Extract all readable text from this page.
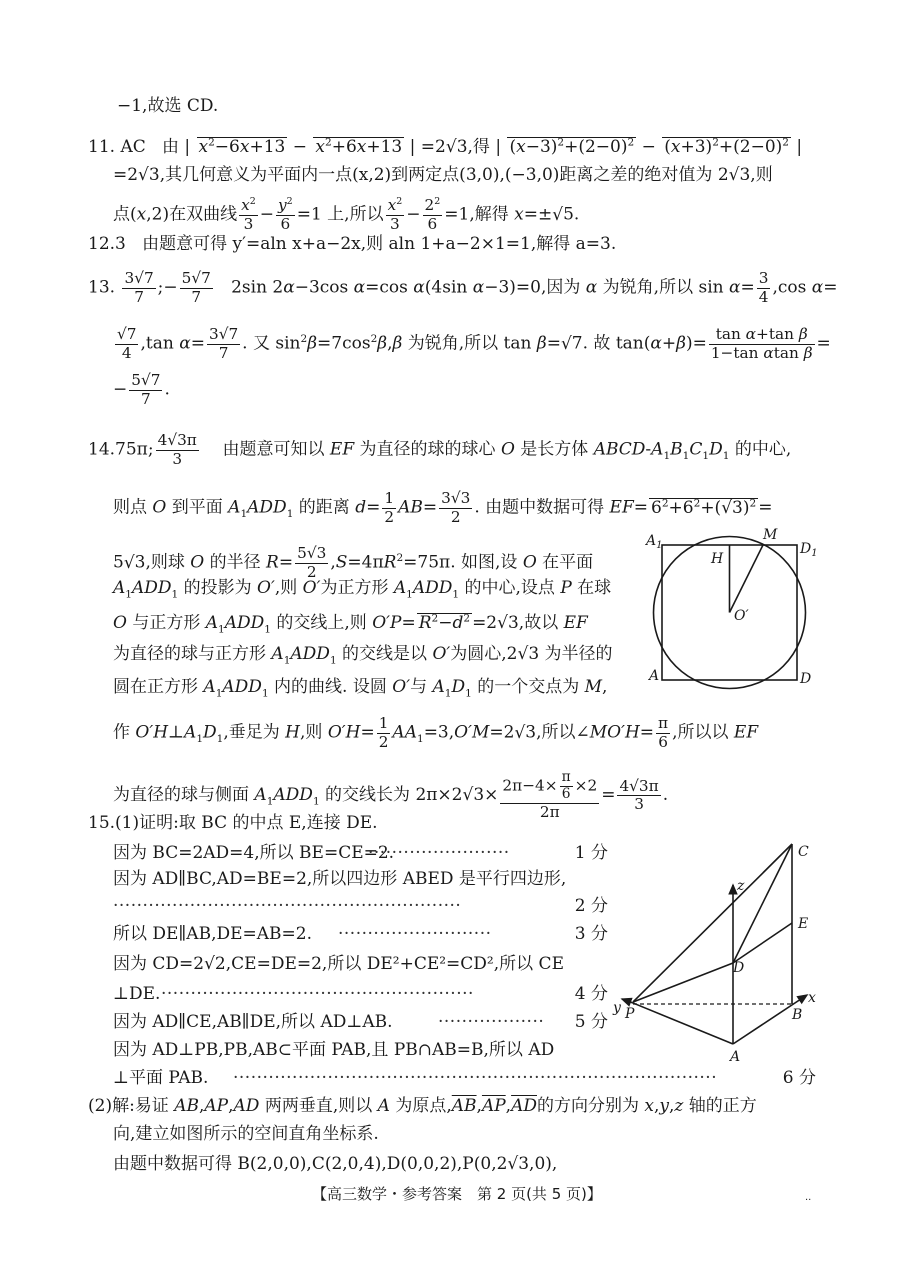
−1,故选 CD.
11. AC   由 | $x^2-6x+13 - x^2+6x+13$ | =2 √ 3,得 | $(x-3)^2+(2-0)^2 - (x+3)^2+(2-0)^2$ |
=2√3,其几何意义为平面内一点(x,2)到两定点(3,0),(−3,0)距离之差的绝对值为 2√3,则
点(x,2)在双曲线 $\frac{x^2}{3} - \frac{y^2}{6} =1$ 上,所以 $\frac{x^2}{3} - \frac{2^2}{6} =1$,解得 x=± √ 5.
12.3 由题意可得 y′=aln x+a−2x,则 aln 1+a−2×1=1,解得 a=3.
13. $\frac{3 √ 7}{7}$ ;− $\frac{5 √ 7}{7} 2\sin$ 2α−3cos α=cos α(4sin α−3)=0,因为 α 为锐角,所以 $\sin \alpha= \frac{3}{4} ,\cos$ α=
√ $\frac{7}{4} ,\tan$ $\alpha= \frac{3 √ 7}{7}$ . 又 $\sin^2\beta=7\cos^2\beta,\beta$ 为锐角,所以 tan β= √ 7. 故 $\tan(\alpha+\beta)= \frac{\text{tan α+tan β}}{\text{1−tan αtan β}}$ =
− $\frac{5 √ 7}{7}$ .
14.75π; $\frac{4 √ 3\pi}{3}$ 由题意可知以 EF 为直径的球的球心 O 是长方体 ABCD-$A_1B_1C_1D_1$ 的中心,
则点 O 到平面 $A_1ADD_1$ 的距离 $d= \frac{1}{2} AB= \frac{3 √ 3}{2}$ . 由题中数据可得 $EF= 6^2+6^2+$( √ 3)$^2$ =
5 √ 3,则球 O 的半径 $R= \frac{5 √ 3}{2} ,S=4\pi R^2=75\pi$. 如图,设 O 在平面
$A_1ADD_1$ 的投影为 O′,则 O′为正方形 $A_1ADD_1$ 的中心,设点 P 在球
O 与正方形 $A_1ADD_1$ 的交线上,则 $O'P= R^2-d^2 =2$ √ 3,故以 EF
为直径的球与正方形 $A_1ADD_1$ 的交线是以 O′为圆心,2 √ 3 为半径的
圆在正方形 $A_1ADD_1$ 内的曲线. 设圆 O′与 $A_1D_1$ 的一个交点为 M,
作 $O'H\perp A_1D_1$,垂足为 H,则 $O'H= \frac{1}{2} AA_1=3,O'M=2$ √ 3,所以∠MO′H= $\frac{\pi}{6}$ ,所以以 EF
为直径的球与侧面 $A_1ADD_1$ 的交线长为 2π×2 √ $3\times \frac{2\pi-4\times \frac{\pi}{6} \times 2}{2\pi} = \frac{4 √ 3\pi}{3}$ .
$A_1$	$D_1$
A	D
H
M
O′
15.(1)证明:取 BC 的中点 E,连接 DE.
因为 BC=2AD=4,所以 BE=CE=2.
························	1 分
因为 AD∥BC,AD=BE=2,所以四边形 ABED 是平行四边形,
···························································	2 分
所以 DE∥AB,DE=AB=2. ··························	3 分
因为 CD=2√2,CE=DE=2,所以 DE²+CE²=CD²,所以 CE
⊥DE. ·····················································	4 分
因为 AD∥CE,AB∥DE,所以 AD⊥AB.	·················· 5 分
因为 AD⊥PB,PB,AB⊂平面 PAB,且 PB∩AB=B,所以 AD
⊥平面 PAB. ··················································································	6 分
(2)解:易证 AB,AP,AD 两两垂直,则以 A 为原点$,\overline{AB},\overline{AP},\overline{AD}$的方向分别为 x,y,z 轴的正方
向,建立如图所示的空间直角坐标系.
由题中数据可得 B(2,0,0),C(2,0,4),D(0,0,2),P(0,2√3,0),
C
E
D
z
x
y P	B
A
【高三数学・参考答案　第 2 页(共 5 页)】	..
